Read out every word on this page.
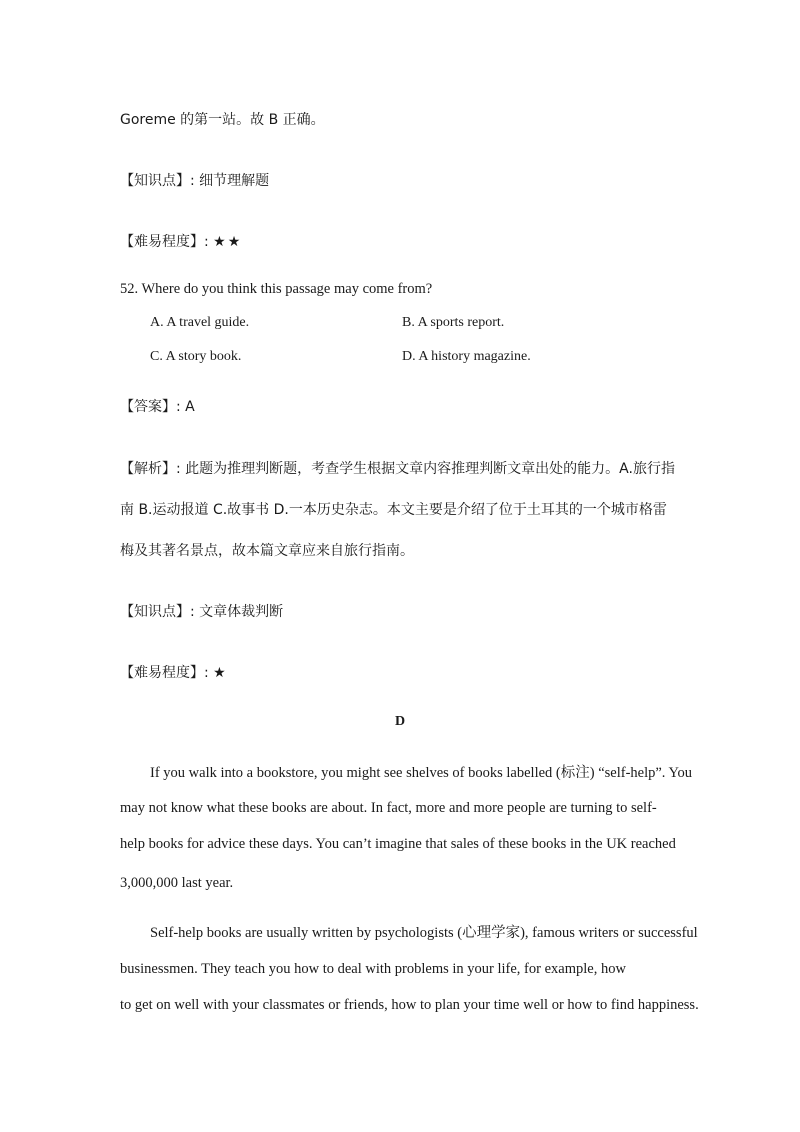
Goreme 的第一站。故 B 正确。
【知识点】: 细节理解题
【难易程度】: ★★
52. Where do you think this passage may come from?
A. A travel guide.	B. A sports report.
C. A story book.	D. A history magazine.
【答案】: A
【解析】: 此题为推理判断题，考查学生根据文章内容推理判断文章出处的能力。A.旅行指
南 B.运动报道 C.故事书 D.一本历史杂志。本文主要是介绍了位于土耳其的一个城市格雷
梅及其著名景点，故本篇文章应来自旅行指南。
【知识点】: 文章体裁判断
【难易程度】: ★
D
If you walk into a bookstore, you might see shelves of books labelled (标注) “self-help”. You
may not know what these books are about. In fact, more and more people are turning to self-
help books for advice these days. You can’t imagine that sales of these books in the UK reached
3,000,000 last year.
Self-help books are usually written by psychologists (心理学家), famous writers or successful
businessmen. They teach you how to deal with problems in your life, for example, how
to get on well with your classmates or friends, how to plan your time well or how to find happiness.
